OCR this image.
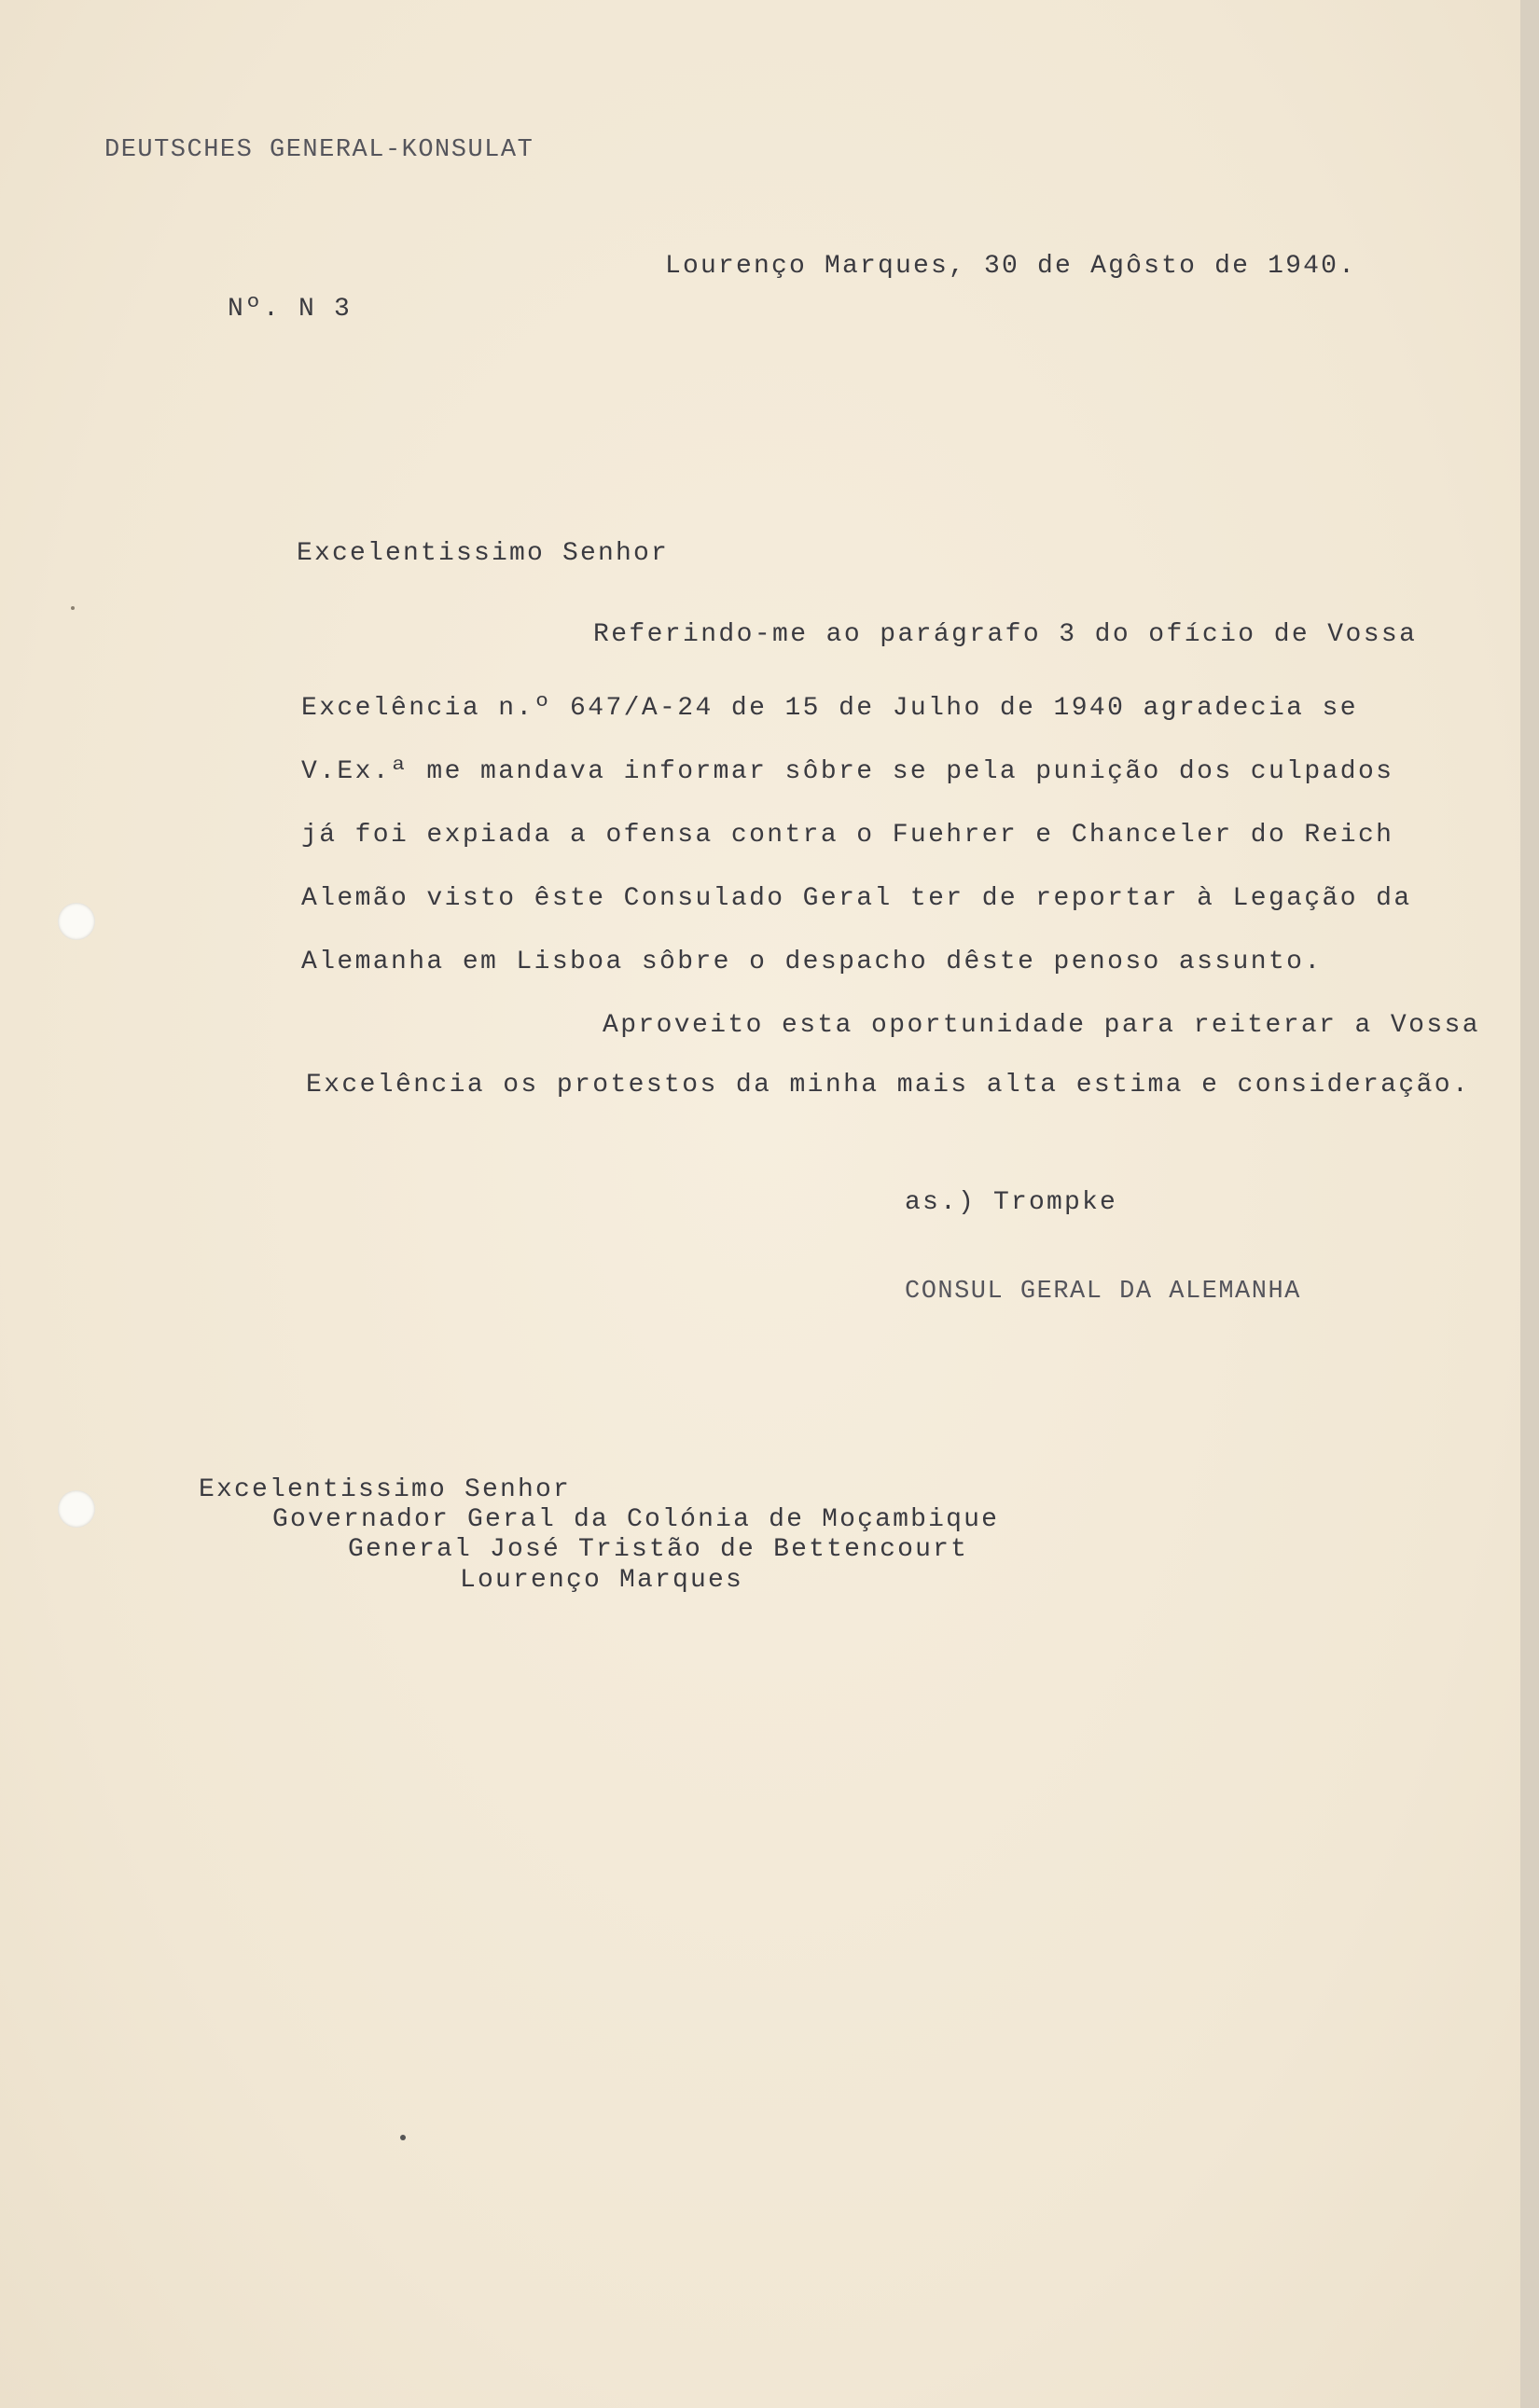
DEUTSCHES GENERAL-KONSULAT
Nº. N 3
Lourenço Marques, 30 de Agôsto de 1940.
Excelentissimo Senhor
Referindo-me ao parágrafo 3 do ofício de Vossa
Excelência n.º 647/A-24 de 15 de Julho de 1940 agradecia se
V.Ex.ª me mandava informar sôbre se pela punição dos culpados
já foi expiada a ofensa contra o Fuehrer e Chanceler do Reich
Alemão visto êste Consulado Geral ter de reportar à Legação da
Alemanha em Lisboa sôbre o despacho dêste penoso assunto.
Aproveito esta oportunidade para reiterar a Vossa
Excelência os protestos da minha mais alta estima e consideração.
as.) Trompke
CONSUL GERAL DA ALEMANHA
Excelentissimo Senhor
Governador Geral da Colónia de Moçambique
General José Tristão de Bettencourt
Lourenço Marques
